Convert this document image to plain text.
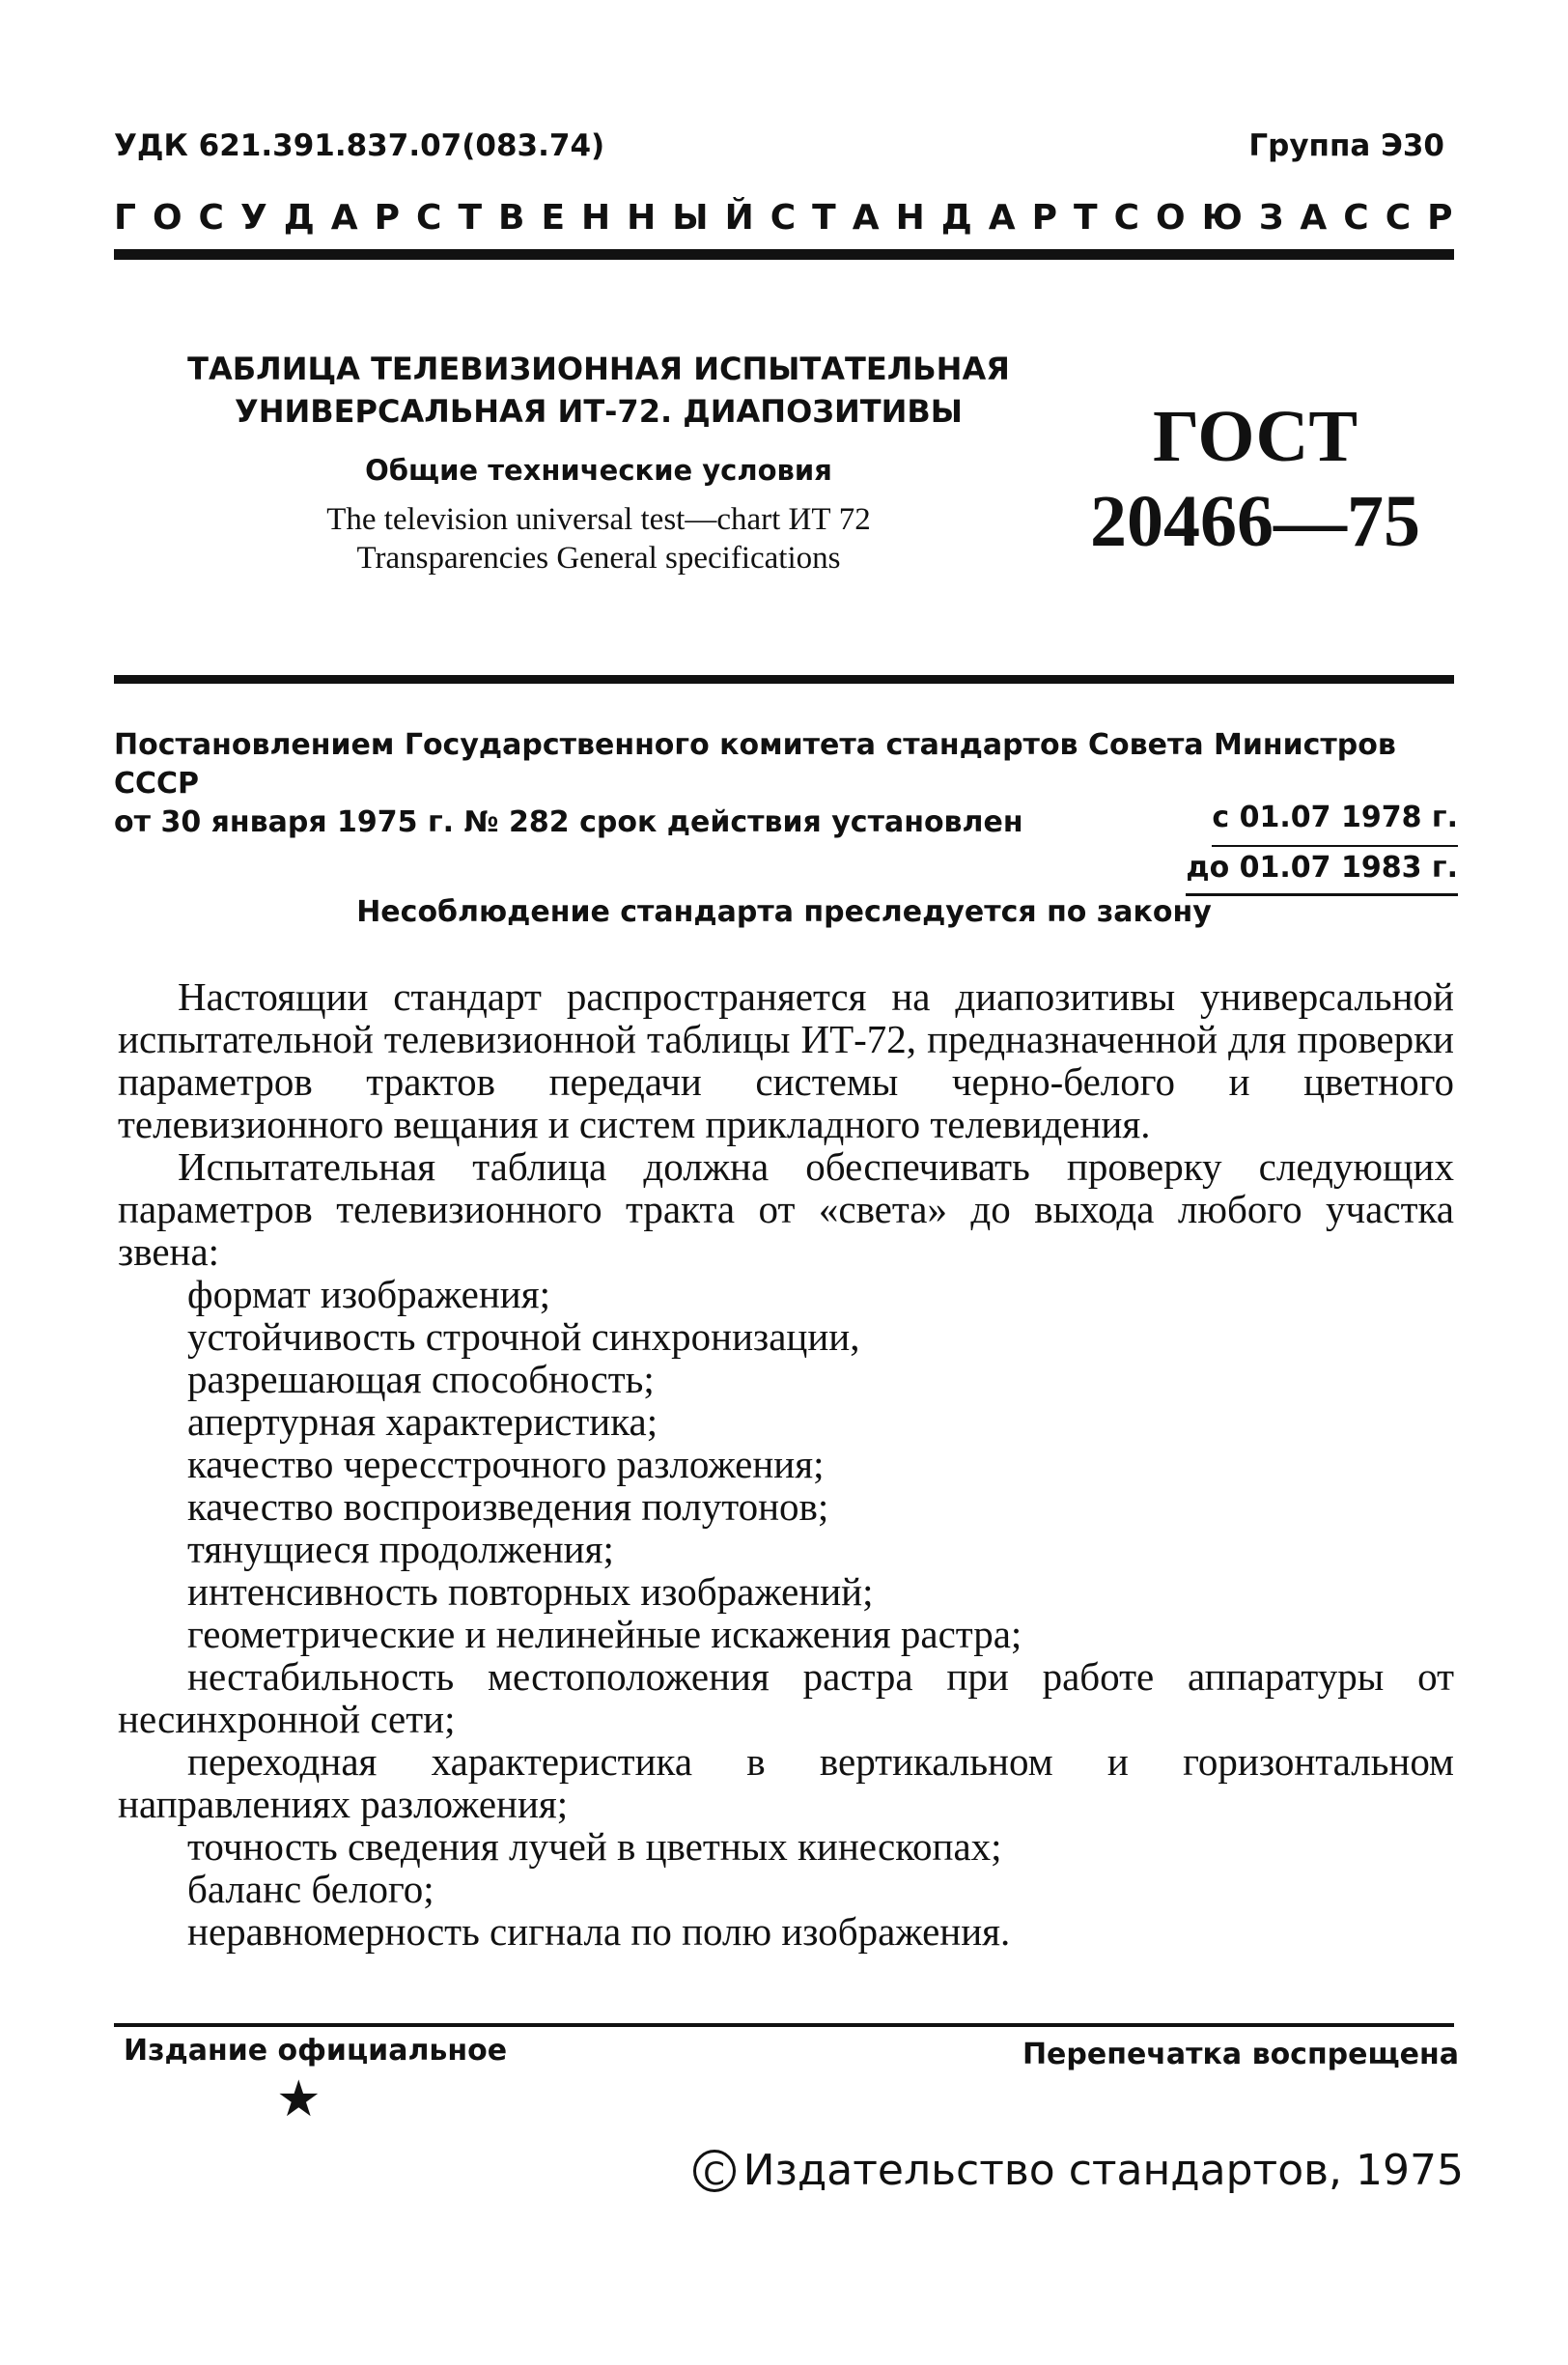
УДК 621.391.837.07(083.74)	Группа Э30
ГОСУДАРСТВЕННЫЙ СТАНДАРТ СОЮЗА ССР
ТАБЛИЦА ТЕЛЕВИЗИОННАЯ ИСПЫТАТЕЛЬНАЯ
УНИВЕРСАЛЬНАЯ ИТ-72. ДИАПОЗИТИВЫ
Общие технические условия
The television universal test—chart ИТ 72
Transparencies General specifications
ГОСТ
20466—75
Постановлением Государственного комитета стандартов Совета Министров СССР
от 30 января 1975 г. № 282 срок действия установлен	с 01.07 1978 г.
до 01.07 1983 г.
Несоблюдение стандарта преследуется по закону

Настоящии стандарт распространяется на диапозитивы универсальной испытательной телевизионной таблицы ИТ-72, предназначенной для проверки параметров трактов передачи системы черно-белого и цветного телевизионного вещания и систем прикладного телевидения.

Испытательная таблица должна обеспечивать проверку следующих параметров телевизионного тракта от «света» до выхода любого участка звена:

формат изображения;
устойчивость строчной синхронизации,
разрешающая способность;
апертурная характеристика;
качество чересстрочного разложения;
качество воспроизведения полутонов;
тянущиеся продолжения;
интенсивность повторных изображений;
геометрические и нелинейные искажения растра;
нестабильность местоположения растра при работе аппаратуры от несинхронной сети;
переходная характеристика в вертикальном и горизонтальном направлениях разложения;
точность сведения лучей в цветных кинескопах;
баланс белого;
неравномерность сигнала по полю изображения.
Издание официальное	Перепечатка воспрещена
★
C Издательство стандартов, 1975
